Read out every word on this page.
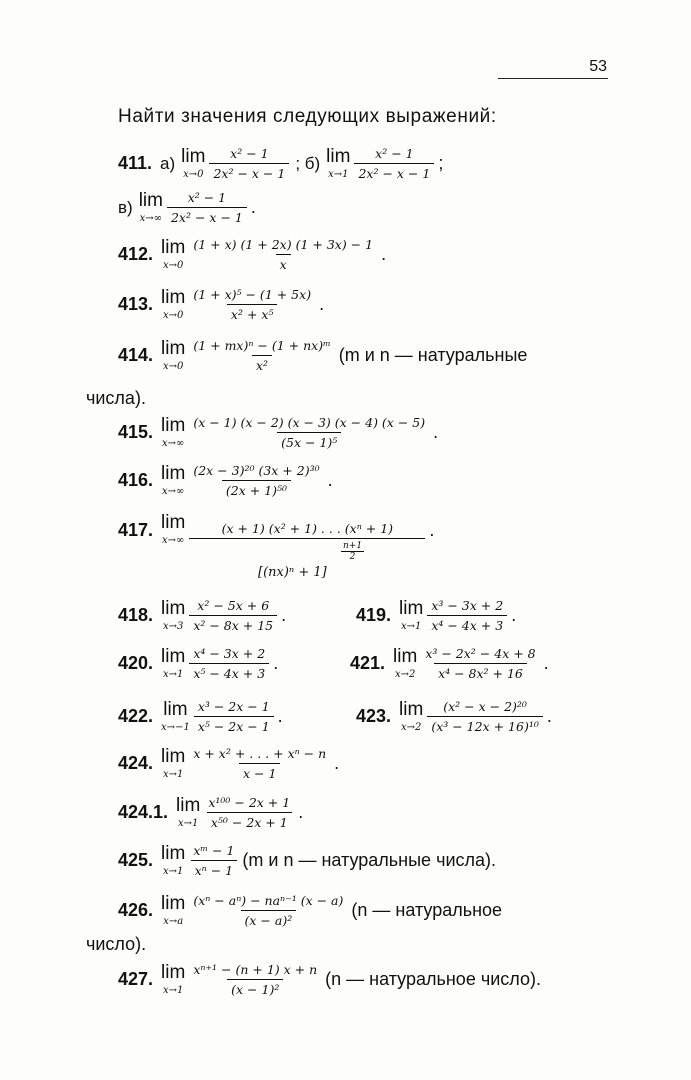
53
Найти значения следующих выражений:
411. а) lim
$x\to 0 \frac{\text{x² − 1}}{\text{2x² − x − 1}}$ ; б) lim
$x\to 1 \frac{\text{x² − 1}}{\text{2x² − x − 1}}$ ;
в) lim
$x\to\infty \frac{\text{x² − 1}}{\text{2x² − x − 1}}$ .
412. lim
$x\to 0 \frac{(1 + x) (1 + 2x) (1 + 3x) - 1}{x}$ .
413. lim
$x\to 0 \frac{\text{(1 + x)⁵ − (1 + 5x)}}{\text{x² + x⁵}}$ .
414. lim
$x\to 0 \frac{\text{(1 + mx)ⁿ − (1 + nx)ᵐ}}{\text{x²}} (m$ и n — натуральные
числа).
415. lim
$x\to\infty \frac{(x - 1) (x - 2) (x - 3) (x - 4) (x - 5)}{\text{(5x − 1)⁵}}$ .
416. lim
$x\to\infty \frac{\text{(2x − 3)²⁰ (3x + 2)³⁰}}{\text{(2x + 1)⁵⁰}}$ .
417. lim
x→∞
(x + 1) (x² + 1) . . . (xⁿ + 1)	.
n+1
2
[(nx)ⁿ + 1]
418. lim
$x\to 3 \frac{\text{x² − 5x + 6}}{\text{x² − 8x + 15}}$ .	419. lim
$x\to 1 \frac{\text{x³ − 3x + 2}}{\text{x⁴ − 4x + 3}}$ .
420. lim
$x\to 1 \frac{\text{x⁴ − 3x + 2}}{\text{x⁵ − 4x + 3}}$ .	421. lim
$x\to 2 \frac{\text{x³ − 2x² − 4x + 8}}{\text{x⁴ − 8x² + 16}}$ .
422. lim
$x\to-1 \frac{\text{x³ − 2x − 1}}{\text{x⁵ − 2x − 1}}$ .	423. lim
$x\to 2 \frac{\text{(x² − x − 2)²⁰}}{\text{(x³ − 12x + 16)¹⁰}}$ .
424. lim
$x\to 1 \frac{\text{x + x² + . . . + xⁿ − n}}{x - 1}$ .
424.1. lim
$x\to 1 \frac{\text{x¹⁰⁰ − 2x + 1}}{\text{x⁵⁰ − 2x + 1}}$ .
425. lim
$x\to 1 \frac{\text{xᵐ − 1}}{\text{xⁿ − 1}} (m$ и n — натуральные числа).
426. lim
$x\to a \frac{\text{(xⁿ − aⁿ) − naⁿ⁻¹ (x − a)}}{\text{(x − a)²}} (n$ — натуральное
число).
427. lim
$x\to 1 \frac{\text{xⁿ⁺¹ − (n + 1) x + n}}{\text{(x − 1)²}} (n$ — натуральное число).
